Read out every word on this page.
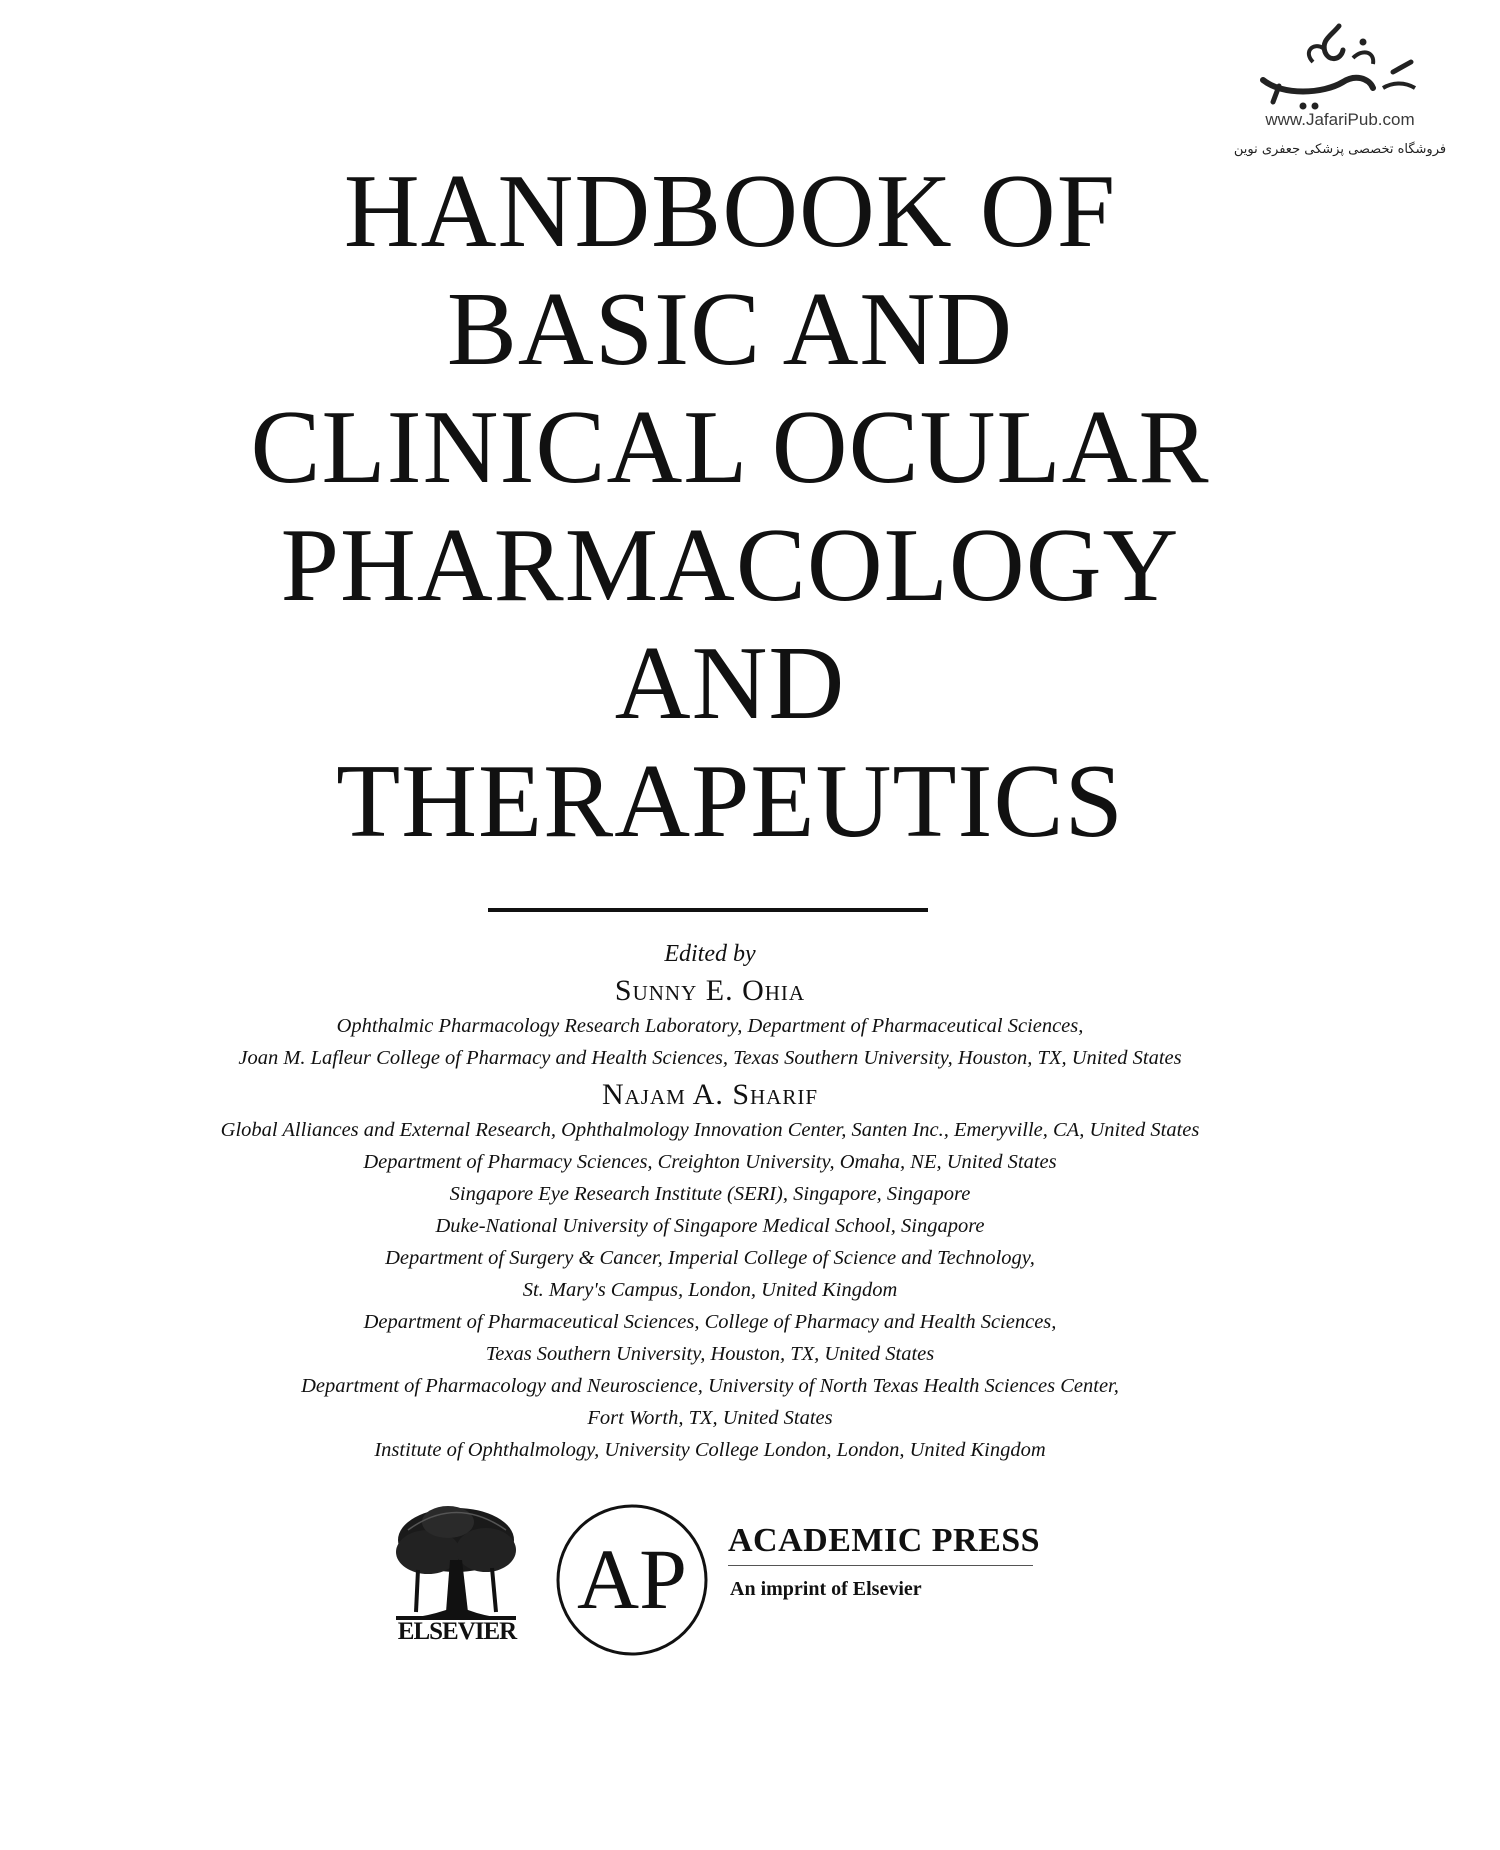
www.JafariPub.com
فروشگاه تخصصی پزشکی جعفری نوین
HANDBOOK OF
BASIC AND
CLINICAL OCULAR
PHARMACOLOGY
AND
THERAPEUTICS
Edited by
Sunny E. Ohia
Ophthalmic Pharmacology Research Laboratory, Department of Pharmaceutical Sciences,
Joan M. Lafleur College of Pharmacy and Health Sciences, Texas Southern University, Houston, TX, United States
Najam A. Sharif
Global Alliances and External Research, Ophthalmology Innovation Center, Santen Inc., Emeryville, CA, United States
Department of Pharmacy Sciences, Creighton University, Omaha, NE, United States
Singapore Eye Research Institute (SERI), Singapore, Singapore
Duke-National University of Singapore Medical School, Singapore
Department of Surgery & Cancer, Imperial College of Science and Technology,
St. Mary's Campus, London, United Kingdom
Department of Pharmaceutical Sciences, College of Pharmacy and Health Sciences,
Texas Southern University, Houston, TX, United States
Department of Pharmacology and Neuroscience, University of North Texas Health Sciences Center,
Fort Worth, TX, United States
Institute of Ophthalmology, University College London, London, United Kingdom
ELSEVIER
AP ACADEMIC PRESS
An imprint of Elsevier
